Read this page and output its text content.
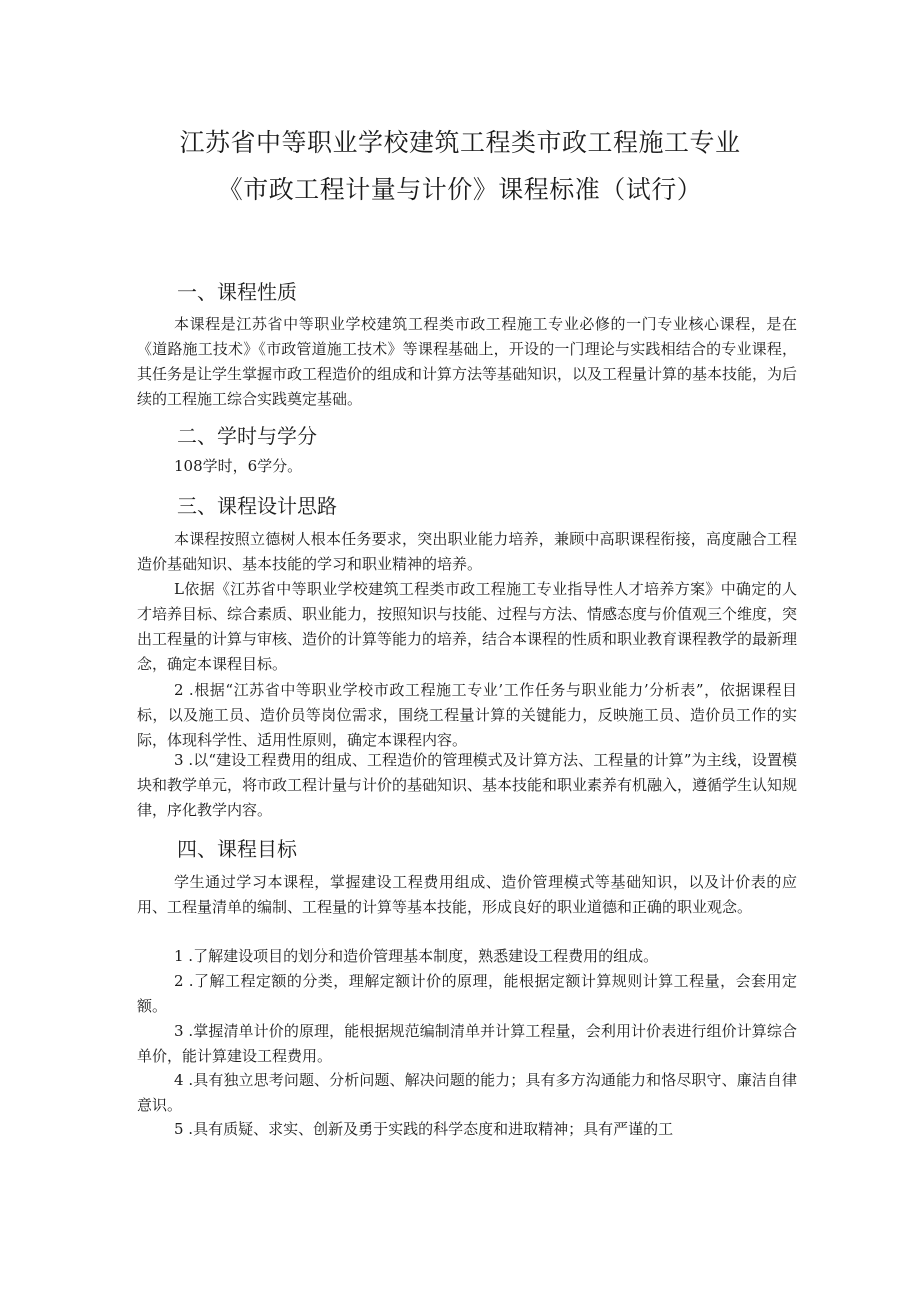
江苏省中等职业学校建筑工程类市政工程施工专业
《市政工程计量与计价》课程标准（试行）
一、课程性质

本课程是江苏省中等职业学校建筑工程类市政工程施工专业必修的一门专业核心课程，是在《道路施工技术》《市政管道施工技术》等课程基础上，开设的一门理论与实践相结合的专业课程，其任务是让学生掌握市政工程造价的组成和计算方法等基础知识，以及工程量计算的基本技能，为后续的工程施工综合实践奠定基础。

二、学时与学分

108学时，6学分。

三、课程设计思路

本课程按照立德树人根本任务要求，突出职业能力培养，兼顾中高职课程衔接，高度融合工程造价基础知识、基本技能的学习和职业精神的培养。

L依据《江苏省中等职业学校建筑工程类市政工程施工专业指导性人才培养方案》中确定的人才培养目标、综合素质、职业能力，按照知识与技能、过程与方法、情感态度与价值观三个维度，突出工程量的计算与审核、造价的计算等能力的培养，结合本课程的性质和职业教育课程教学的最新理念，确定本课程目标。

2 .根据“江苏省中等职业学校市政工程施工专业’工作任务与职业能力’分析表”，依据课程目标，以及施工员、造价员等岗位需求，围绕工程量计算的关键能力，反映施工员、造价员工作的实际，体现科学性、适用性原则，确定本课程内容。

3 .以“建设工程费用的组成、工程造价的管理模式及计算方法、工程量的计算”为主线，设置模块和教学单元，将市政工程计量与计价的基础知识、基本技能和职业素养有机融入，遵循学生认知规律，序化教学内容。

四、课程目标

学生通过学习本课程，掌握建设工程费用组成、造价管理模式等基础知识，以及计价表的应用、工程量清单的编制、工程量的计算等基本技能，形成良好的职业道德和正确的职业观念。

1 .了解建设项目的划分和造价管理基本制度，熟悉建设工程费用的组成。

2 .了解工程定额的分类，理解定额计价的原理，能根据定额计算规则计算工程量，会套用定额。

3 .掌握清单计价的原理，能根据规范编制清单并计算工程量，会利用计价表进行组价计算综合单价，能计算建设工程费用。

4 .具有独立思考问题、分析问题、解决问题的能力；具有多方沟通能力和恪尽职守、廉洁自律意识。

5 .具有质疑、求实、创新及勇于实践的科学态度和进取精神；具有严谨的工
